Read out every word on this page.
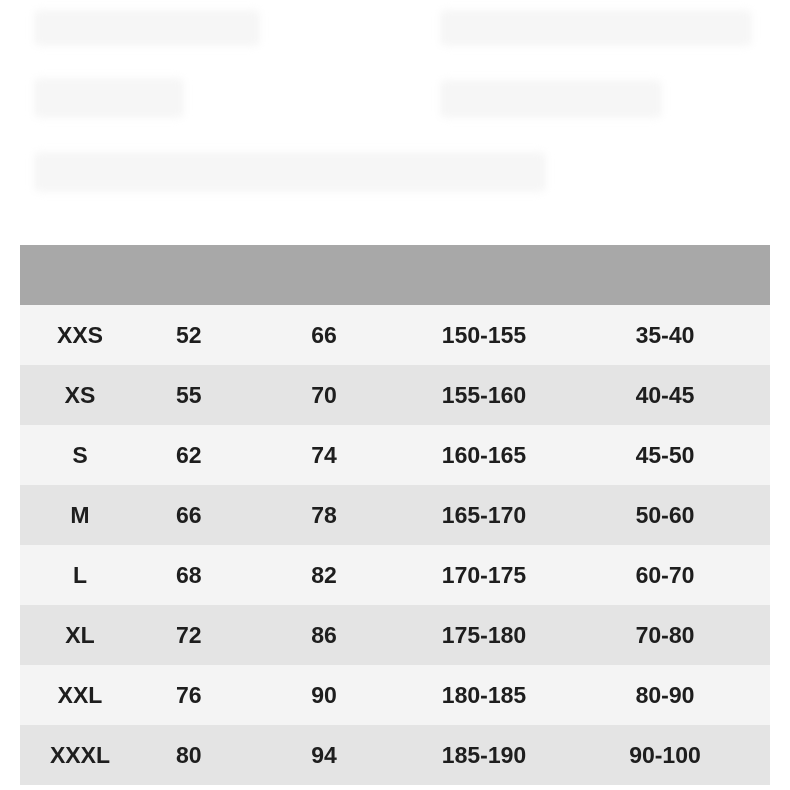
XXS	52	66	150-155	35-40
XS	55	70	155-160	40-45
S	62	74	160-165	45-50
M	66	78	165-170	50-60
L	68	82	170-175	60-70
XL	72	86	175-180	70-80
XXL	76	90	180-185	80-90
XXXL	80	94	185-190	90-100
